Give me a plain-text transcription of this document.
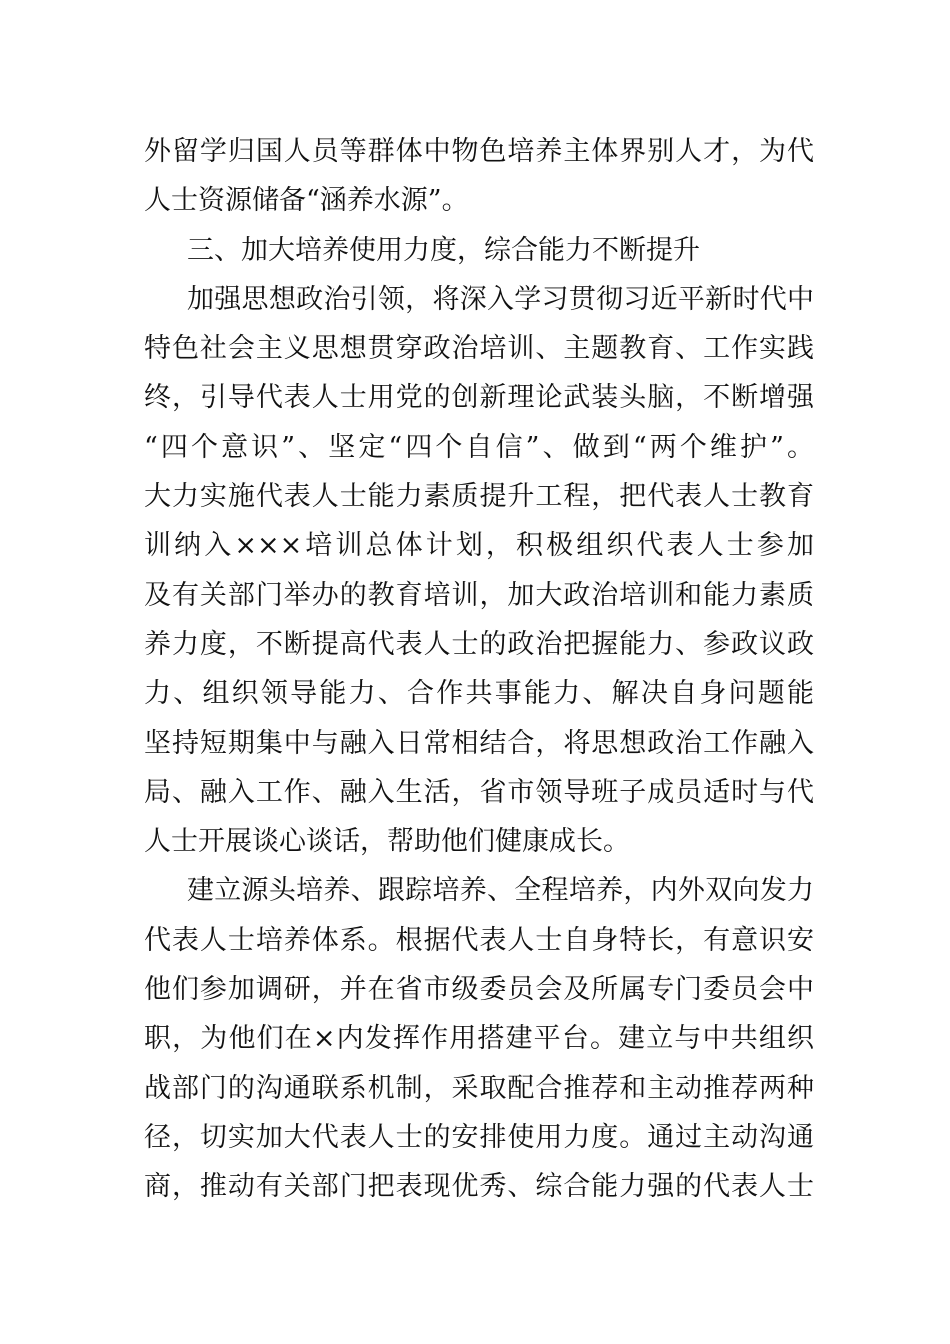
外留学归国人员等群体中物色培养主体界别人才，为代
人士资源储备“涵养水源”。
三、加大培养使用力度，综合能力不断提升
加强思想政治引领，将深入学习贯彻习近平新时代中
特色社会主义思想贯穿政治培训、主题教育、工作实践
终，引导代表人士用党的创新理论武装头脑，不断增强
“四个意识”、坚定“四个自信”、做到“两个维护”。
大力实施代表人士能力素质提升工程，把代表人士教育
训纳入×××培训总体计划，积极组织代表人士参加
及有关部门举办的教育培训，加大政治培训和能力素质
养力度，不断提高代表人士的政治把握能力、参政议政
力、组织领导能力、合作共事能力、解决自身问题能
坚持短期集中与融入日常相结合，将思想政治工作融入
局、融入工作、融入生活，省市领导班子成员适时与代
人士开展谈心谈话，帮助他们健康成长。
建立源头培养、跟踪培养、全程培养，内外双向发力
代表人士培养体系。根据代表人士自身特长，有意识安
他们参加调研，并在省市级委员会及所属专门委员会中
职，为他们在×内发挥作用搭建平台。建立与中共组织
战部门的沟通联系机制，采取配合推荐和主动推荐两种
径，切实加大代表人士的安排使用力度。通过主动沟通
商，推动有关部门把表现优秀、综合能力强的代表人士
